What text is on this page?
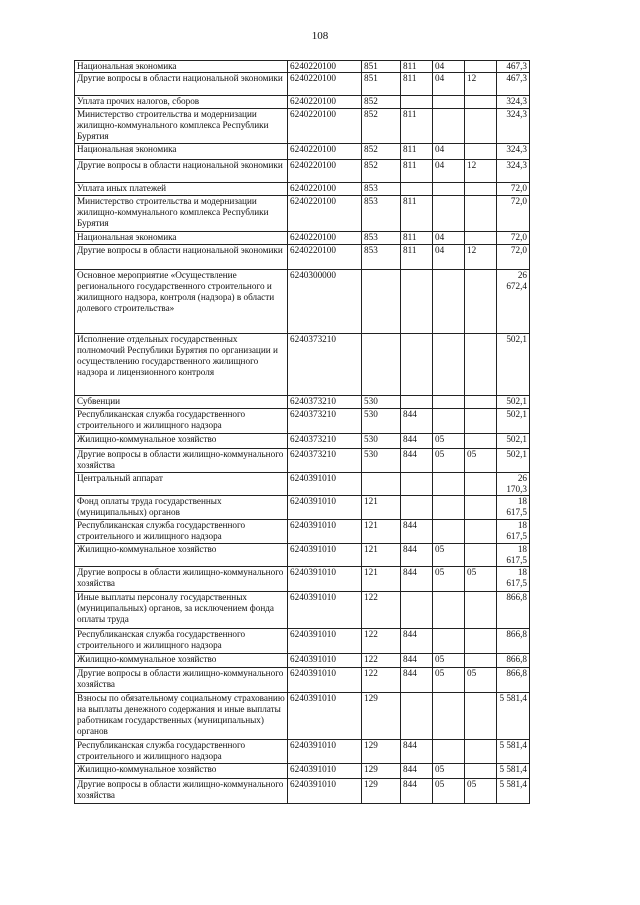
108
Национальная экономика	6240220100	851	811	04		467,3
Другие вопросы в области национальной экономики	6240220100	851	811	04	12	467,3
Уплата прочих налогов, сборов	6240220100	852				324,3
Министерство строительства и модернизации жилищно-коммунального комплекса Республики Бурятия	6240220100	852	811			324,3
Национальная экономика	6240220100	852	811	04		324,3
Другие вопросы в области национальной экономики	6240220100	852	811	04	12	324,3
Уплата иных платежей	6240220100	853				72,0
Министерство строительства и модернизации жилищно-коммунального комплекса Республики Бурятия	6240220100	853	811			72,0
Национальная экономика	6240220100	853	811	04		72,0
Другие вопросы в области национальной экономики	6240220100	853	811	04	12	72,0
Основное мероприятие «Осуществление регионального государственного строительного и жилищного надзора, контроля (надзора) в области долевого строительства»	6240300000					26 672,4
Исполнение отдельных государственных полномочий Республики Бурятия по организации и осуществлению государственного жилищного надзора и лицензионного контроля	6240373210					502,1
Субвенции	6240373210	530				502,1
Республиканская служба государственного строительного и жилищного надзора	6240373210	530	844			502,1
Жилищно-коммунальное хозяйство	6240373210	530	844	05		502,1
Другие вопросы в области жилищно-коммунального хозяйства	6240373210	530	844	05	05	502,1
Центральный аппарат	6240391010					26 170,3
Фонд оплаты труда государственных (муниципальных) органов	6240391010	121				18 617,5
Республиканская служба государственного строительного и жилищного надзора	6240391010	121	844			18 617,5
Жилищно-коммунальное хозяйство	6240391010	121	844	05		18 617,5
Другие вопросы в области жилищно-коммунального хозяйства	6240391010	121	844	05	05	18 617,5
Иные выплаты персоналу государственных (муниципальных) органов, за исключением фонда оплаты труда	6240391010	122				866,8
Республиканская служба государственного строительного и жилищного надзора	6240391010	122	844			866,8
Жилищно-коммунальное хозяйство	6240391010	122	844	05		866,8
Другие вопросы в области жилищно-коммунального хозяйства	6240391010	122	844	05	05	866,8
Взносы по обязательному социальному страхованию на выплаты денежного содержания и иные выплаты работникам государственных (муниципальных) органов	6240391010	129				5 581,4
Республиканская служба государственного строительного и жилищного надзора	6240391010	129	844			5 581,4
Жилищно-коммунальное хозяйство	6240391010	129	844	05		5 581,4
Другие вопросы в области жилищно-коммунального хозяйства	6240391010	129	844	05	05	5 581,4
